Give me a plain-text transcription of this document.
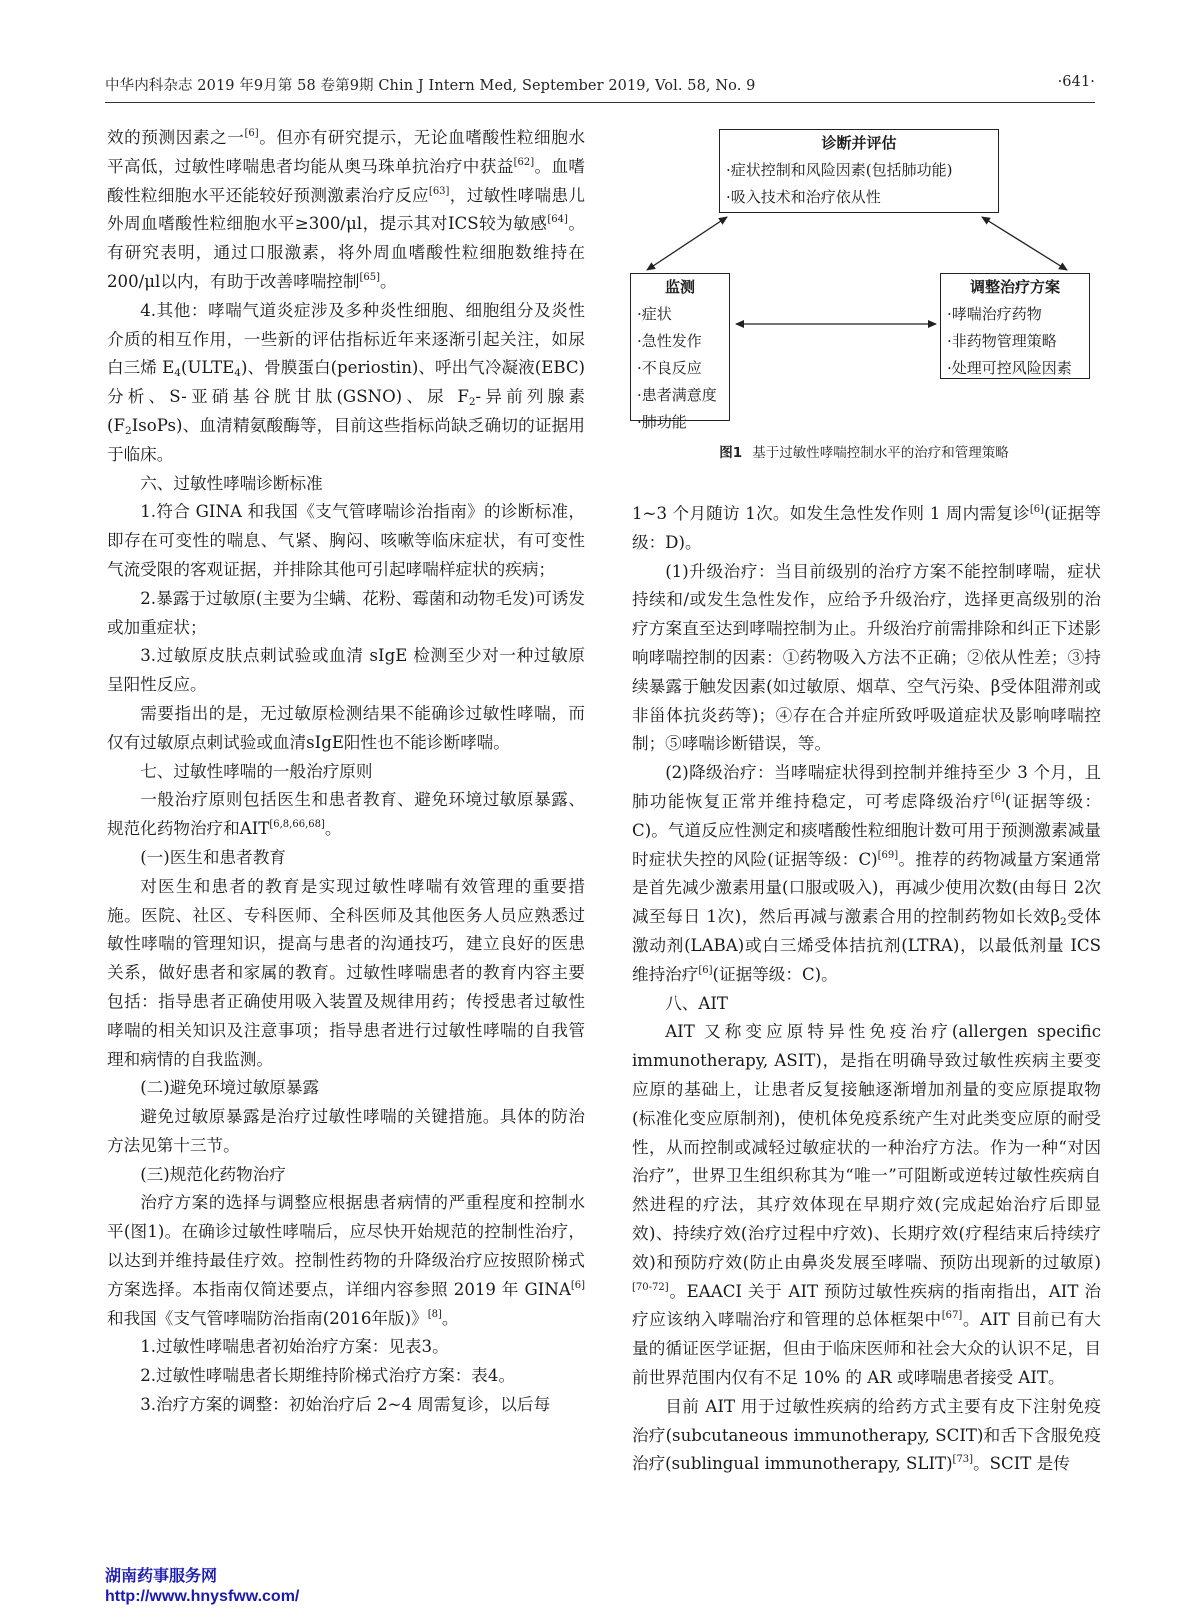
中华内科杂志 2019 年9月第 58 卷第9期 Chin J Intern Med, September 2019, Vol. 58, No. 9	·641·

效的预测因素之一[6]。但亦有研究提示，无论血嗜酸性粒细胞水平高低，过敏性哮喘患者均能从奥马珠单抗治疗中获益[62]。血嗜酸性粒细胞水平还能较好预测激素治疗反应[63]，过敏性哮喘患儿外周血嗜酸性粒细胞水平≥300/μl，提示其对ICS较为敏感[64]。有研究表明，通过口服激素，将外周血嗜酸性粒细胞数维持在200/μl以内，有助于改善哮喘控制[65]。

4.其他：哮喘气道炎症涉及多种炎性细胞、细胞组分及炎性介质的相互作用，一些新的评估指标近年来逐渐引起关注，如尿白三烯 $E_4(ULTE_4)$、骨膜蛋白(periostin)、呼出气冷凝液(EBC)分析、S-亚硝基谷胱甘肽(GSNO)、尿 $F_2-$异前列腺素$(F_2IsoPs)$、血清精氨酸酶等，目前这些指标尚缺乏确切的证据用于临床。

六、过敏性哮喘诊断标准

1.符合 GINA 和我国《支气管哮喘诊治指南》的诊断标准，即存在可变性的喘息、气紧、胸闷、咳嗽等临床症状，有可变性气流受限的客观证据，并排除其他可引起哮喘样症状的疾病；

2.暴露于过敏原(主要为尘螨、花粉、霉菌和动物毛发)可诱发或加重症状；

3.过敏原皮肤点刺试验或血清 sIgE 检测至少对一种过敏原呈阳性反应。

需要指出的是，无过敏原检测结果不能确诊过敏性哮喘，而仅有过敏原点刺试验或血清sIgE阳性也不能诊断哮喘。

七、过敏性哮喘的一般治疗原则

一般治疗原则包括医生和患者教育、避免环境过敏原暴露、规范化药物治疗和AIT[6,8,66,68]。

(一)医生和患者教育

对医生和患者的教育是实现过敏性哮喘有效管理的重要措施。医院、社区、专科医师、全科医师及其他医务人员应熟悉过敏性哮喘的管理知识，提高与患者的沟通技巧，建立良好的医患关系，做好患者和家属的教育。过敏性哮喘患者的教育内容主要包括：指导患者正确使用吸入装置及规律用药；传授患者过敏性哮喘的相关知识及注意事项；指导患者进行过敏性哮喘的自我管理和病情的自我监测。

(二)避免环境过敏原暴露

避免过敏原暴露是治疗过敏性哮喘的关键措施。具体的防治方法见第十三节。

(三)规范化药物治疗

治疗方案的选择与调整应根据患者病情的严重程度和控制水平(图1)。在确诊过敏性哮喘后，应尽快开始规范的控制性治疗，以达到并维持最佳疗效。控制性药物的升降级治疗应按照阶梯式方案选择。本指南仅简述要点，详细内容参照 2019 年 GINA[6]和我国《支气管哮喘防治指南(2016年版)》[8]。

1.过敏性哮喘患者初始治疗方案：见表3。

2.过敏性哮喘患者长期维持阶梯式治疗方案：表4。

3.治疗方案的调整：初始治疗后 2~4 周需复诊，以后每

诊断并评估
·症状控制和风险因素(包括肺功能)
·吸入技术和治疗依从性
监测
·症状
·急性发作
·不良反应
·患者满意度
·肺功能
调整治疗方案
·哮喘治疗药物
·非药物管理策略
·处理可控风险因素
图1 基于过敏性哮喘控制水平的治疗和管理策略

1~3 个月随访 1次。如发生急性发作则 1 周内需复诊[6](证据等级：D)。

(1)升级治疗：当目前级别的治疗方案不能控制哮喘，症状持续和/或发生急性发作，应给予升级治疗，选择更高级别的治疗方案直至达到哮喘控制为止。升级治疗前需排除和纠正下述影响哮喘控制的因素：①药物吸入方法不正确；②依从性差；③持续暴露于触发因素(如过敏原、烟草、空气污染、β受体阻滞剂或非甾体抗炎药等)；④存在合并症所致呼吸道症状及影响哮喘控制；⑤哮喘诊断错误，等。

(2)降级治疗：当哮喘症状得到控制并维持至少 3 个月，且肺功能恢复正常并维持稳定，可考虑降级治疗[6](证据等级：C)。气道反应性测定和痰嗜酸性粒细胞计数可用于预测激素减量时症状失控的风险(证据等级：C)[69]。推荐的药物减量方案通常是首先减少激素用量(口服或吸入)，再减少使用次数(由每日 2次减至每日 1次)，然后再减与激素合用的控制药物如长效$\beta_2$受体激动剂(LABA)或白三烯受体拮抗剂(LTRA)，以最低剂量 ICS 维持治疗[6](证据等级：C)。

八、AIT

AIT 又称变应原特异性免疫治疗(allergen specific immunotherapy, ASIT)，是指在明确导致过敏性疾病主要变应原的基础上，让患者反复接触逐渐增加剂量的变应原提取物(标准化变应原制剂)，使机体免疫系统产生对此类变应原的耐受性，从而控制或减轻过敏症状的一种治疗方法。作为一种“对因治疗”，世界卫生组织称其为“唯一”可阻断或逆转过敏性疾病自然进程的疗法，其疗效体现在早期疗效(完成起始治疗后即显效)、持续疗效(治疗过程中疗效)、长期疗效(疗程结束后持续疗效)和预防疗效(防止由鼻炎发展至哮喘、预防出现新的过敏原)[70-72]。EAACI 关于 AIT 预防过敏性疾病的指南指出，AIT 治疗应该纳入哮喘治疗和管理的总体框架中[67]。AIT 目前已有大量的循证医学证据，但由于临床医师和社会大众的认识不足，目前世界范围内仅有不足 10% 的 AR 或哮喘患者接受 AIT。

目前 AIT 用于过敏性疾病的给药方式主要有皮下注射免疫治疗(subcutaneous immunotherapy, SCIT)和舌下含服免疫治疗(sublingual immunotherapy, SLIT)[73]。SCIT 是传

湖南药事服务网
http://www.hnysfww.com/
